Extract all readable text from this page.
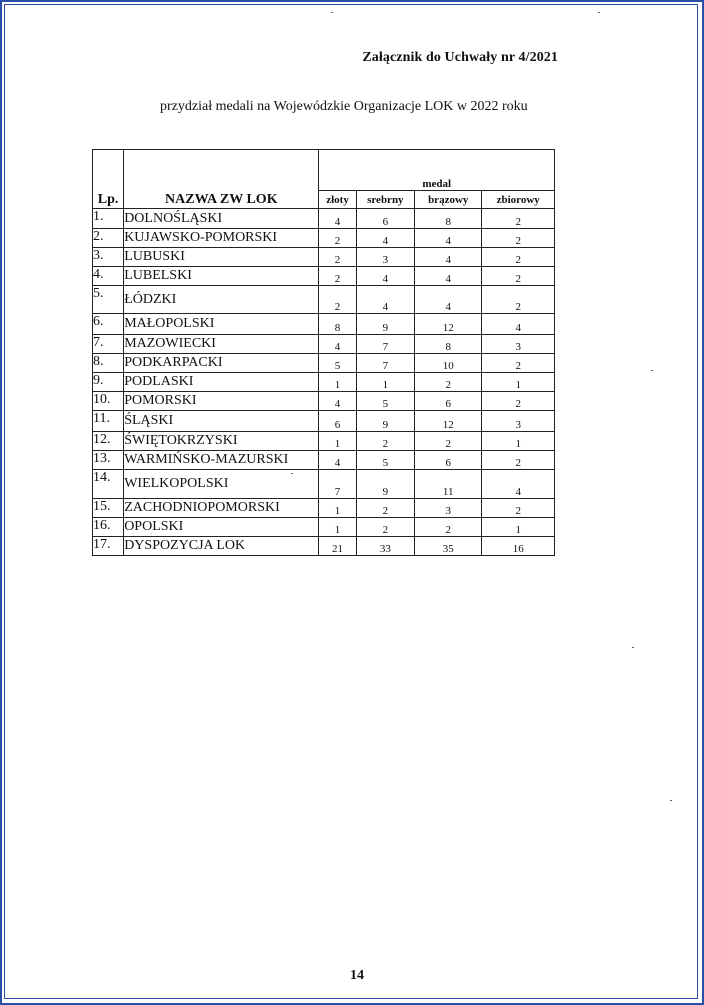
Załącznik do Uchwały nr 4/2021
przydział medali na Wojewódzkie Organizacje LOK w 2022 roku
Lp.	NAZWA ZW LOK	medal			
		złoty	srebrny	brązowy	zbiorowy
1.	DOLNOŚLĄSKI	4	6	8	2
2.	KUJAWSKO-POMORSKI	2	4	4	2
3.	LUBUSKI	2	3	4	2
4.	LUBELSKI	2	4	4	2
5.	ŁÓDZKI	2	4	4	2
6.	MAŁOPOLSKI	8	9	12	4
7.	MAZOWIECKI	4	7	8	3
8.	PODKARPACKI	5	7	10	2
9.	PODLASKI	1	1	2	1
10.	POMORSKI	4	5	6	2
11.	ŚLĄSKI	6	9	12	3
12.	ŚWIĘTOKRZYSKI	1	2	2	1
13.	WARMIŃSKO-MAZURSKI	4	5	6	2
14.	WIELKOPOLSKI	7	9	11	4
15.	ZACHODNIOPOMORSKI	1	2	3	2
16.	OPOLSKI	1	2	2	1
17.	DYSPOZYCJA LOK	21	33	35	16
14
